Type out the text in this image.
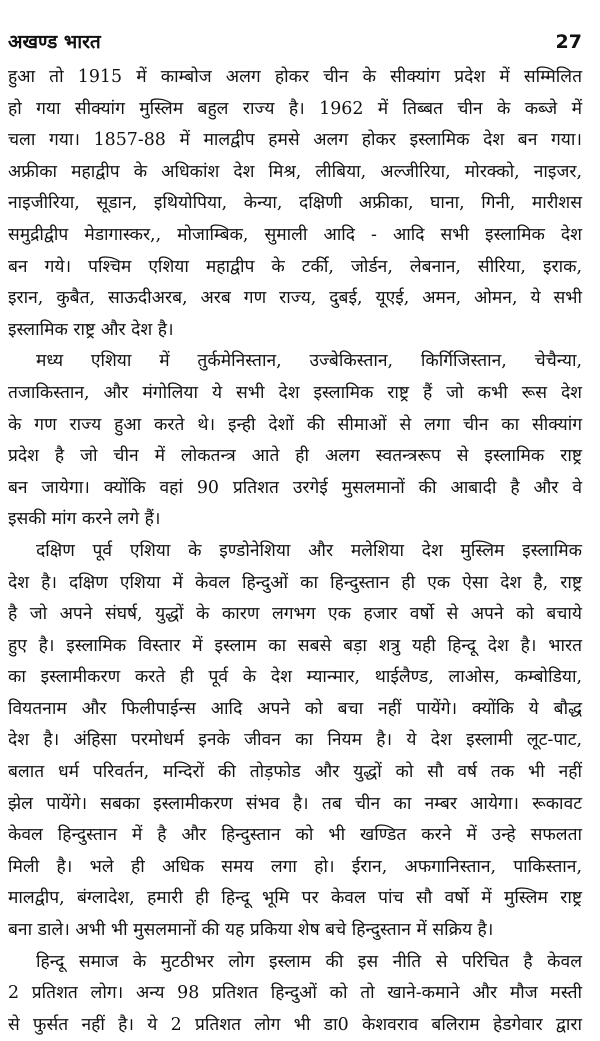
अखण्ड भारत	27

हुआ तो 1915 में काम्बोज अलग होकर चीन के सीक्यांग प्रदेश में सम्मिलित

हो गया सीक्यांग मुस्लिम बहुल राज्य है। 1962 में तिब्बत चीन के कब्जे में

चला गया। 1857-88 में मालद्वीप हमसे अलग होकर इस्लामिक देश बन गया।

अफ्रीका महाद्वीप के अधिकांश देश मिश्र, लीबिया, अल्जीरिया, मोरक्को, नाइजर,

नाइजीरिया, सूडान, इथियोपिया, केन्या, दक्षिणी अफ्रीका, घाना, गिनी, मारीशस

समुद्रीद्वीप मेडागास्कर,, मोजाम्बिक, सुमाली आदि - आदि सभी इस्लामिक देश

बन गये। पश्चिम एशिया महाद्वीप के टर्की, जोर्डन, लेबनान, सीरिया, इराक,

इरान, कुबैत, साऊदीअरब, अरब गण राज्य, दुबई, यूएई, अमन, ओमन, ये सभी

इस्लामिक राष्ट्र और देश है।

मध्य एशिया में तुर्कमेनिस्तान, उज्बेकिस्तान, किर्गिजिस्तान, चेचैन्या,

तजाकिस्तान, और मंगोलिया ये सभी देश इस्लामिक राष्ट्र हैं जो कभी रूस देश

के गण राज्य हुआ करते थे। इन्ही देशों की सीमाओं से लगा चीन का सीक्यांग

प्रदेश है जो चीन में लोकतन्त्र आते ही अलग स्वतन्त्ररूप से इस्लामिक राष्ट्र

बन जायेगा। क्योंकि वहां 90 प्रतिशत उरगेई मुसलमानों की आबादी है और वे

इसकी मांग करने लगे हैं।

दक्षिण पूर्व एशिया के इण्डोनेशिया और मलेशिया देश मुस्लिम इस्लामिक

देश है। दक्षिण एशिया में केवल हिन्दुओं का हिन्दुस्तान ही एक ऐसा देश है, राष्ट्र

है जो अपने संघर्ष, युद्धों के कारण लगभग एक हजार वर्षो से अपने को बचाये

हुए है। इस्लामिक विस्तार में इस्लाम का सबसे बड़ा शत्रु यही हिन्दू देश है। भारत

का इस्लामीकरण करते ही पूर्व के देश म्यान्मार, थाईलैण्ड, लाओस, कम्बोडिया,

वियतनाम और फिलीपाईन्स आदि अपने को बचा नहीं पायेंगे। क्योंकि ये बौद्ध

देश है। अंहिसा परमोधर्म इनके जीवन का नियम है। ये देश इस्लामी लूट-पाट,

बलात धर्म परिवर्तन, मन्दिरों की तोड़फोड और युद्धों को सौ वर्ष तक भी नहीं

झेल पायेंगे। सबका इस्लामीकरण संभव है। तब चीन का नम्बर आयेगा। रूकावट

केवल हिन्दुस्तान में है और हिन्दुस्तान को भी खण्डित करने में उन्हे सफलता

मिली है। भले ही अधिक समय लगा हो। ईरान, अफगानिस्तान, पाकिस्तान,

मालद्वीप, बंग्लादेश, हमारी ही हिन्दू भूमि पर केवल पांच सौ वर्षो में मुस्लिम राष्ट्र

बना डाले। अभी भी मुसलमानों की यह प्रकिया शेष बचे हिन्दुस्तान में सक्रिय है।

हिन्दू समाज के मुटठीभर लोग इस्लाम की इस नीति से परिचित है केवल

2 प्रतिशत लोग। अन्य 98 प्रतिशत हिन्दुओं को तो खाने-कमाने और मौज मस्ती

से फुर्सत नहीं है। ये 2 प्रतिशत लोग भी डा0 केशवराव बलिराम हेडगेवार द्वारा
